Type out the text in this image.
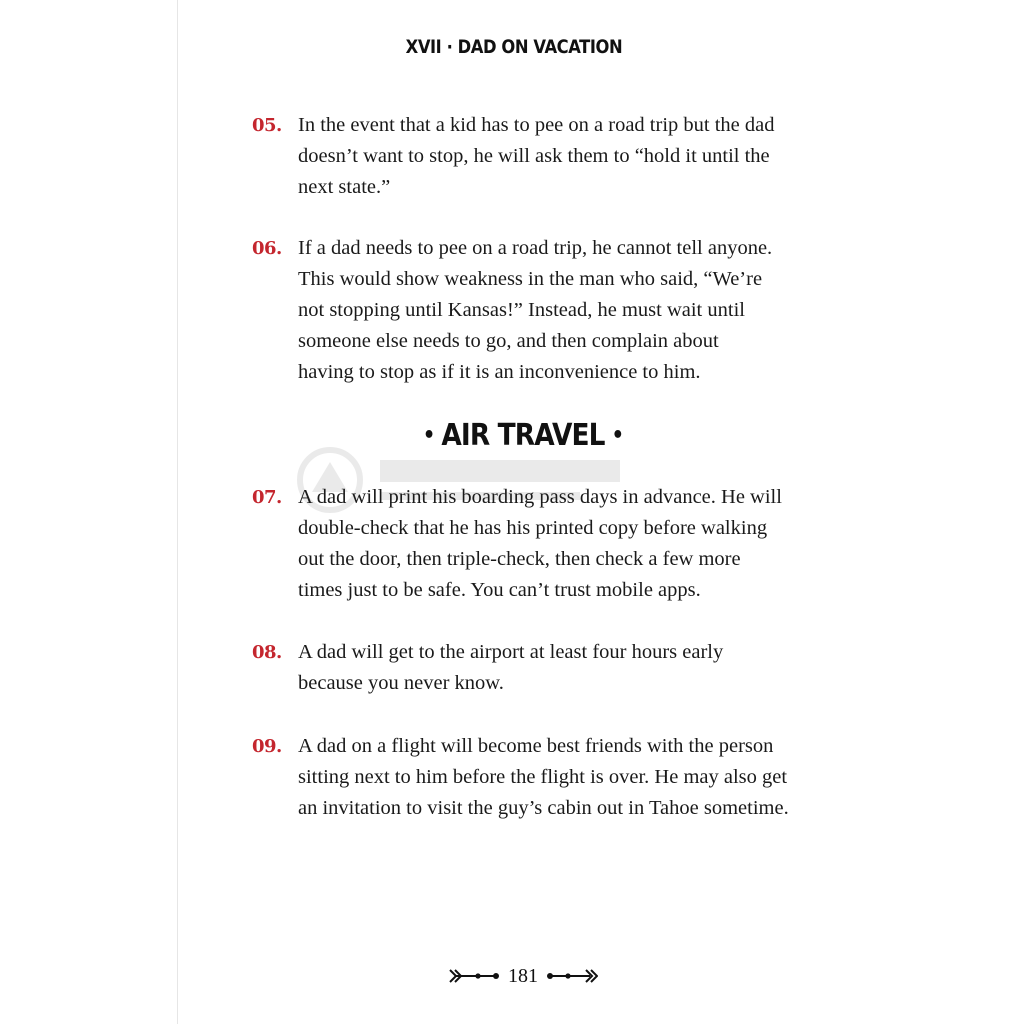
XVII · DAD ON VACATION
05. In the event that a kid has to pee on a road trip but the dad
doesn’t want to stop, he will ask them to “hold it until the
next state.”
06. If a dad needs to pee on a road trip, he cannot tell anyone.
This would show weakness in the man who said, “We’re
not stopping until Kansas!” Instead, he must wait until
someone else needs to go, and then complain about
having to stop as if it is an inconvenience to him.
• AIR TRAVEL •
07. A dad will print his boarding pass days in advance. He will
double-check that he has his printed copy before walking
out the door, then triple-check, then check a few more
times just to be safe. You can’t trust mobile apps.
08. A dad will get to the airport at least four hours early
because you never know.
09. A dad on a flight will become best friends with the person
sitting next to him before the flight is over. He may also get
an invitation to visit the guy’s cabin out in Tahoe sometime.
181
